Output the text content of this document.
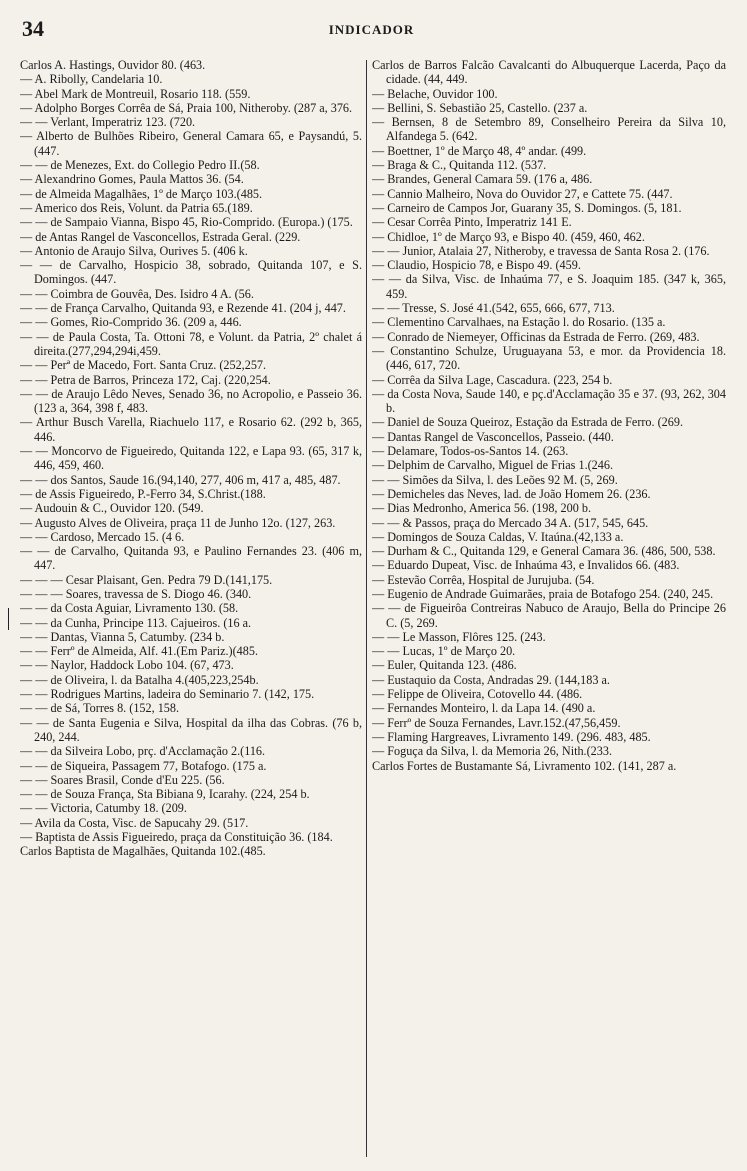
34	INDICADOR

Carlos A. Hastings, Ouvidor 80. (463.

— A. Ribolly, Candelaria 10.

— Abel Mark de Montreuil, Rosario 118. (559.

— Adolpho Borges Corrêa de Sá, Praia 100, Nitheroby. (287 a, 376.

— — Verlant, Imperatriz 123. (720.

— Alberto de Bulhões Ribeiro, General Camara 65, e Paysandú, 5. (447.

— — de Menezes, Ext. do Collegio Pedro II.(58.

— Alexandrino Gomes, Paula Mattos 36. (54.

— de Almeida Magalhães, 1º de Março 103.(485.

— Americo dos Reis, Volunt. da Patria 65.(189.

— — de Sampaio Vianna, Bispo 45, Rio-Comprido. (Europa.) (175.

— de Antas Rangel de Vasconcellos, Estrada Geral. (229.

— Antonio de Araujo Silva, Ourives 5. (406 k.

— — de Carvalho, Hospicio 38, sobrado, Quitanda 107, e S. Domingos. (447.

— — Coimbra de Gouvêa, Des. Isidro 4 A. (56.

— — de França Carvalho, Quitanda 93, e Rezende 41. (204 j, 447.

— — Gomes, Rio-Comprido 36. (209 a, 446.

— — de Paula Costa, Ta. Ottoni 78, e Volunt. da Patria, 2º chalet á direita.(277,294,294i,459.

— — Perª de Macedo, Fort. Santa Cruz. (252,257.

— — Petra de Barros, Princeza 172, Caj. (220,254.

— — de Araujo Lêdo Neves, Senado 36, no Acropolio, e Passeio 36. (123 a, 364, 398 f, 483.

— Arthur Busch Varella, Riachuelo 117, e Rosario 62. (292 b, 365, 446.

— — Moncorvo de Figueiredo, Quitanda 122, e Lapa 93. (65, 317 k, 446, 459, 460.

— — dos Santos, Saude 16.(94,140, 277, 406 m, 417 a, 485, 487.

— de Assis Figueiredo, P.-Ferro 34, S.Christ.(188.

— Audouin & C., Ouvidor 120. (549.

— Augusto Alves de Oliveira, praça 11 de Junho 12o. (127, 263.

— — Cardoso, Mercado 15. (4 6.

— — de Carvalho, Quitanda 93, e Paulino Fernandes 23. (406 m, 447.

— — — Cesar Plaisant, Gen. Pedra 79 D.(141,175.

— — — Soares, travessa de S. Diogo 46. (340.

— — da Costa Aguiar, Livramento 130. (58.

— — da Cunha, Principe 113. Cajueiros. (16 a.

— — Dantas, Vianna 5, Catumby. (234 b.

— — Ferrº de Almeida, Alf. 41.(Em Pariz.)(485.

— — Naylor, Haddock Lobo 104. (67, 473.

— — de Oliveira, l. da Batalha 4.(405,223,254b.

— — Rodrigues Martins, ladeira do Seminario 7. (142, 175.

— — de Sá, Torres 8. (152, 158.

— — de Santa Eugenia e Silva, Hospital da ilha das Cobras. (76 b, 240, 244.

— — da Silveira Lobo, prç. d'Acclamação 2.(116.

— — de Siqueira, Passagem 77, Botafogo. (175 a.

— — Soares Brasil, Conde d'Eu 225. (56.

— — de Souza França, Sta Bibiana 9, Icarahy. (224, 254 b.

— — Victoria, Catumby 18. (209.

— Avila da Costa, Visc. de Sapucahy 29. (517.

— Baptista de Assis Figueiredo, praça da Constituição 36. (184.

Carlos Baptista de Magalhães, Quitanda 102.(485.

Carlos de Barros Falcão Cavalcanti do Albuquerque Lacerda, Paço da cidade. (44, 449.

— Belache, Ouvidor 100.

— Bellini, S. Sebastião 25, Castello. (237 a.

— Bernsen, 8 de Setembro 89, Conselheiro Pereira da Silva 10, Alfandega 5. (642.

— Boettner, 1º de Março 48, 4º andar. (499.

— Braga & C., Quitanda 112. (537.

— Brandes, General Camara 59. (176 a, 486.

— Cannio Malheiro, Nova do Ouvidor 27, e Cattete 75. (447.

— Carneiro de Campos Jor, Guarany 35, S. Domingos. (5, 181.

— Cesar Corrêa Pinto, Imperatriz 141 E.

— Chidloe, 1º de Março 93, e Bispo 40. (459, 460, 462.

— — Junior, Atalaia 27, Nitheroby, e travessa de Santa Rosa 2. (176.

— Claudio, Hospicio 78, e Bispo 49. (459.

— — da Silva, Visc. de Inhaúma 77, e S. Joaquim 185. (347 k, 365, 459.

— — Tresse, S. José 41.(542, 655, 666, 677, 713.

— Clementino Carvalhaes, na Estação l. do Rosario. (135 a.

— Conrado de Niemeyer, Officinas da Estrada de Ferro. (269, 483.

— Constantino Schulze, Uruguayana 53, e mor. da Providencia 18. (446, 617, 720.

— Corrêa da Silva Lage, Cascadura. (223, 254 b.

— da Costa Nova, Saude 140, e pç.d'Acclamação 35 e 37. (93, 262, 304 b.

— Daniel de Souza Queiroz, Estação da Estrada de Ferro. (269.

— Dantas Rangel de Vasconcellos, Passeio. (440.

— Delamare, Todos-os-Santos 14. (263.

— Delphim de Carvalho, Miguel de Frias 1.(246.

— — Simões da Silva, l. des Leões 92 M. (5, 269.

— Demicheles das Neves, lad. de João Homem 26. (236.

— Dias Medronho, America 56. (198, 200 b.

— — & Passos, praça do Mercado 34 A. (517, 545, 645.

— Domingos de Souza Caldas, V. Itaúna.(42,133 a.

— Durham & C., Quitanda 129, e General Camara 36. (486, 500, 538.

— Eduardo Dupeat, Visc. de Inhaúma 43, e Invalidos 66. (483.

— Estevão Corrêa, Hospital de Jurujuba. (54.

— Eugenio de Andrade Guimarães, praia de Botafogo 254. (240, 245.

— — de Figueirôa Contreiras Nabuco de Araujo, Bella do Principe 26 C. (5, 269.

— — Le Masson, Flôres 125. (243.

— — Lucas, 1º de Março 20.

— Euler, Quitanda 123. (486.

— Eustaquio da Costa, Andradas 29. (144,183 a.

— Felippe de Oliveira, Cotovello 44. (486.

— Fernandes Monteiro, l. da Lapa 14. (490 a.

— Ferrº de Souza Fernandes, Lavr.152.(47,56,459.

— Flaming Hargreaves, Livramento 149. (296. 483, 485.

— Foguça da Silva, l. da Memoria 26, Nith.(233.

Carlos Fortes de Bustamante Sá, Livramento 102. (141, 287 a.
